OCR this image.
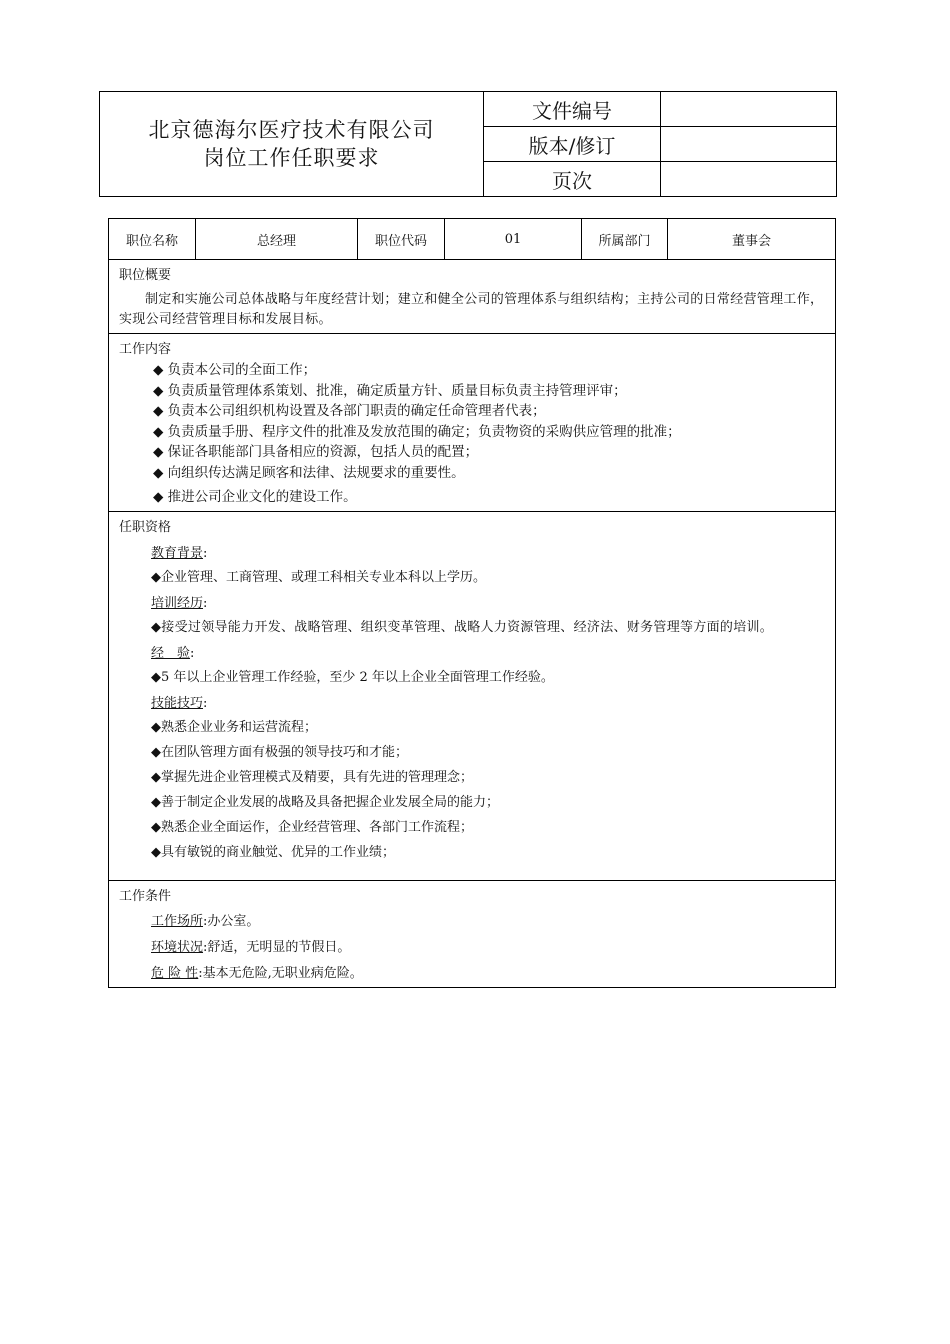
北京德海尔医疗技术有限公司
岗位工作任职要求	文件编号	
	版本/修订	
	页次	
职位名称	总经理	职位代码	01	所属部门	董事会

职位概要
制定和实施公司总体战略与年度经营计划；建立和健全公司的管理体系与组织结构；主持公司的日常经营管理工作，实现公司经营管理目标和发展目标。

工作内容
◆ 负责本公司的全面工作；
◆ 负责质量管理体系策划、批准，确定质量方针、质量目标负责主持管理评审；
◆ 负责本公司组织机构设置及各部门职责的确定任命管理者代表；
◆ 负责质量手册、程序文件的批准及发放范围的确定；负责物资的采购供应管理的批准；
◆ 保证各职能部门具备相应的资源，包括人员的配置；
◆ 向组织传达满足顾客和法律、法规要求的重要性。
◆ 推进公司企业文化的建设工作。

任职资格
教育背景:
◆企业管理、工商管理、或理工科相关专业本科以上学历。
培训经历:
◆接受过领导能力开发、战略管理、组织变革管理、战略人力资源管理、经济法、财务管理等方面的培训。
经　验:
◆5 年以上企业管理工作经验，至少 2 年以上企业全面管理工作经验。
技能技巧:
◆熟悉企业业务和运营流程；
◆在团队管理方面有极强的领导技巧和才能；
◆掌握先进企业管理模式及精要，具有先进的管理理念；
◆善于制定企业发展的战略及具备把握企业发展全局的能力；
◆熟悉企业全面运作，企业经营管理、各部门工作流程；
◆具有敏锐的商业触觉、优异的工作业绩；

工作条件
工作场所:办公室。
环境状况:舒适，无明显的节假日。
危 险 性:基本无危险,无职业病危险。
